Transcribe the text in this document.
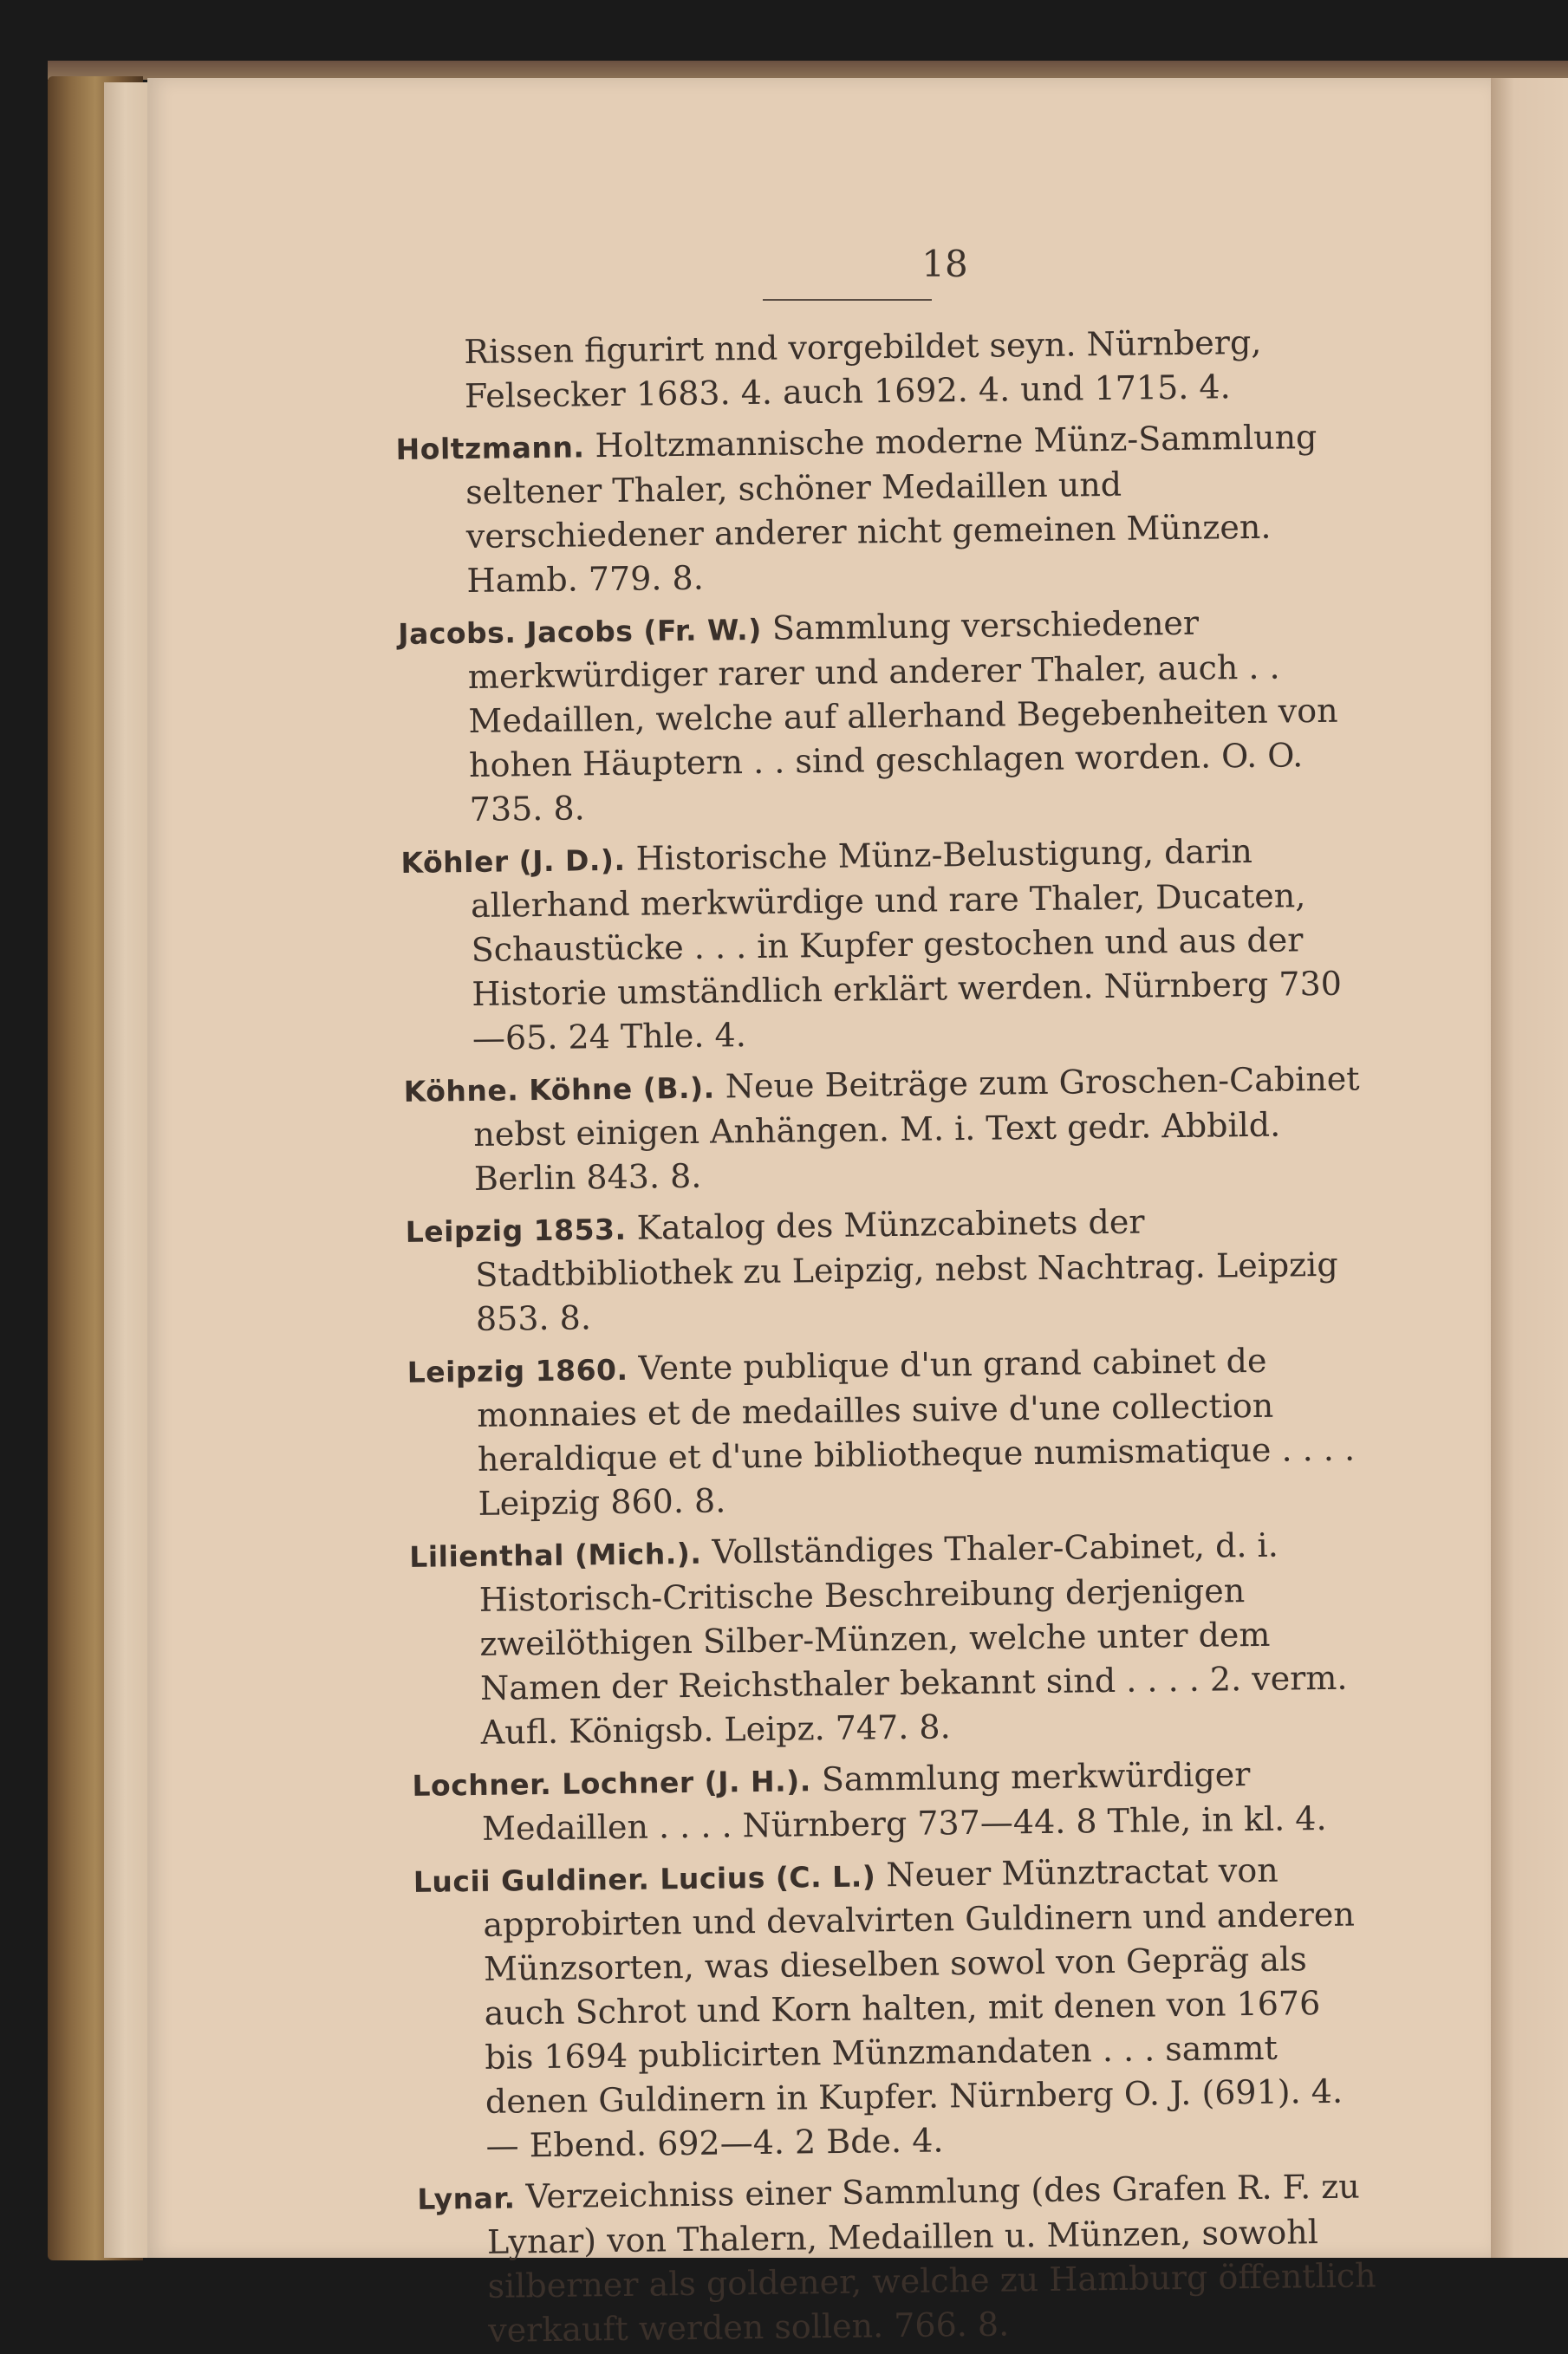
18
Rissen figurirt nnd vorgebildet seyn. Nürnberg, Felsecker 1683. 4. auch 1692. 4. und 1715. 4.
Holtzmann. Holtzmannische moderne Münz-Sammlung seltener Thaler, schöner Medaillen und verschiedener anderer nicht gemeinen Münzen. Hamb. 779. 8.
Jacobs. Jacobs (Fr. W.) Sammlung verschiedener merkwürdiger rarer und anderer Thaler, auch . . Medaillen, welche auf allerhand Begebenheiten von hohen Häuptern . . sind geschlagen worden. O. O. 735. 8.
Köhler (J. D.). Historische Münz-Belustigung, darin allerhand merkwürdige und rare Thaler, Ducaten, Schaustücke . . . in Kupfer gestochen und aus der Historie umständlich erklärt werden. Nürnberg 730—65. 24 Thle. 4.
Köhne. Köhne (B.). Neue Beiträge zum Groschen-Cabinet nebst einigen Anhängen. M. i. Text gedr. Abbild. Berlin 843. 8.
Leipzig 1853. Katalog des Münzcabinets der Stadtbibliothek zu Leipzig, nebst Nachtrag. Leipzig 853. 8.
Leipzig 1860. Vente publique d'un grand cabinet de monnaies et de medailles suive d'une collection heraldique et d'une bibliotheque numismatique . . . . Leipzig 860. 8.
Lilienthal (Mich.). Vollständiges Thaler-Cabinet, d. i. Historisch-Critische Beschreibung derjenigen zweilöthigen Silber-Münzen, welche unter dem Namen der Reichsthaler bekannt sind . . . . 2. verm. Aufl. Königsb. Leipz. 747. 8.
Lochner. Lochner (J. H.). Sammlung merkwürdiger Medaillen . . . . Nürnberg 737—44. 8 Thle, in kl. 4.
Lucii Guldiner. Lucius (C. L.) Neuer Münztractat von approbirten und devalvirten Guldinern und anderen Münzsorten, was dieselben sowol von Gepräg als auch Schrot und Korn halten, mit denen von 1676 bis 1694 publicirten Münzmandaten . . . sammt denen Guldinern in Kupfer. Nürnberg O. J. (691). 4. — Ebend. 692—4. 2 Bde. 4.
Lynar. Verzeichniss einer Sammlung (des Grafen R. F. zu Lynar) von Thalern, Medaillen u. Münzen, sowohl silberner als goldener, welche zu Hamburg öffentlich verkauft werden sollen. 766. 8.
